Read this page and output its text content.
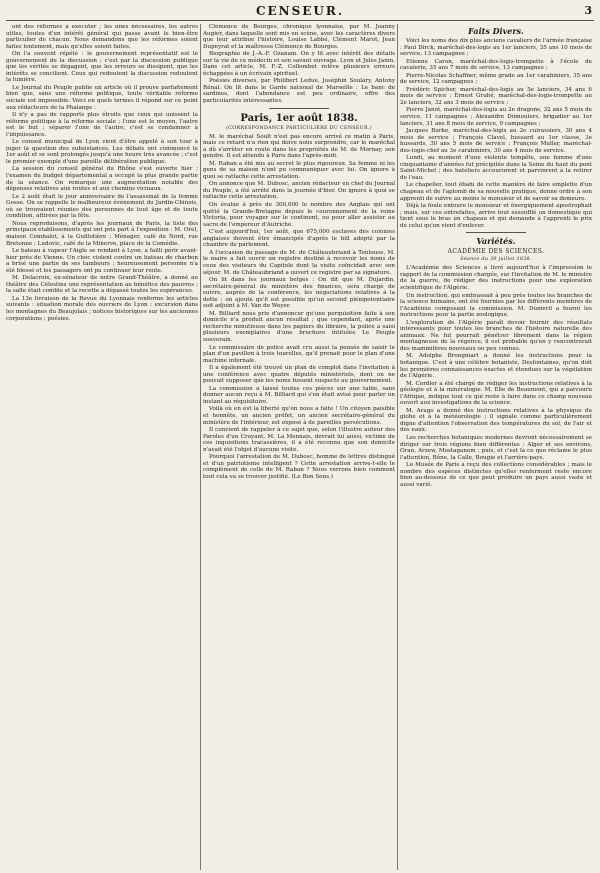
CENSEUR.	3

ont des réformes à exécuter ; les unes nécessaires, les autres utiles, toutes d'un intérêt général qui passe avant le bien-être particulier de chacun. Nous demandons que les réformes soient faites lentement, mais qu'elles soient faites.

On l'a souvent répété : le gouvernement représentatif est le gouvernement de la discussion ; c'est par la discussion publique que les vérités se dégagent, que les erreurs se dissipent, que les intérêts se concilient. Ceux qui redoutent la discussion redoutent la lumière.

Le Journal du Peuple publie un article où il prouve parfaitement bien que, sans une réforme politique, toute véritable réforme sociale est impossible. Voici en quels termes il répond sur ce point aux rédacteurs de la Phalange :

Il n'y a pas de rapports plus étroits que ceux qui unissent la réforme politique à la réforme sociale ; l'une est le moyen, l'autre est le but ; séparer l'une de l'autre, c'est se condamner à l'impuissance.

Le conseil municipal de Lyon vient d'être appelé à son tour à juger la question des subsistances. Les débats ont commencé le 1er août et se sont prolongés jusqu'à une heure très avancée ; c'est le premier exemple d'une pareille délibération publique.

La session du conseil général du Rhône s'est ouverte hier ; l'examen du budget départemental a occupé la plus grande partie de la séance. On remarque une augmentation notable des dépenses relatives aux routes et aux chemins vicinaux.

Le 2 août était le jour anniversaire de l'assassinat de la femme Gosse. On se rappelle le malheureux événement du Jardin-Chinois, où se trouvaient réunies des personnes de tout âge et de toute condition, attirées par la fête.

Nous reproduisons, d'après les journaux de Paris, la liste des principaux établissements qui ont pris part à l'exposition : M. Orel, maison Combalot, à la Guillotière ; Ménager, café du Nord, rue Bretonne ; Ludovic, café de la Minerve, place de la Comédie.

Le bateau à vapeur l'Aigle se rendant à Lyon, a failli périr avant-hier près de Vienne. Un choc violent contre un bateau de charbon a brisé une partie de ses tambours ; heureusement personne n'a été blessé et les passagers ont pu continuer leur route.

M. Delacroix, ex-sénateur de notre Grand-Théâtre, a donné au théâtre des Célestins une représentation au bénéfice des pauvres ; la salle était comble et la recette a dépassé toutes les espérances.

La 13e livraison de la Revue du Lyonnais renferme les articles suivants : situation morale des ouvriers de Lyon ; excursion dans les montagnes du Beaujolais ; notices historiques sur les anciennes corporations ; poésies.

Clémence de Bourges, chronique lyonnaise, par M. Joanny Augier, dans laquelle sont mis en scène, avec les caractères divers que leur attribue l'histoire, Louise Labbé, Clément Marot, Jean Dupeyrat et la maîtresse Clémence de Bourges.

Biographie de J.-A.-F. Ozanam. On y lit avec intérêt des détails sur la vie de ce médecin et son savant ouvrage. Lyon et Jules Janin. Dans cet article, M. F.-Z. Collombet relève plusieurs erreurs échappées à un écrivain spirituel.

Poésies diverses, par Philibert Ledue, Joséphin Soulary, Antony Rénal. On lit dans le Garde national de Marseille : Le banc de sardines, dont l'abondance est peu ordinaire, offre des particularités intéressantes.

Paris, 1er août 1838.
(CORRESPONDANCE PARTICULIÈRE DU CENSEUR.)

M. le maréchal Soult n'est pas encore arrivé ce matin à Paris, mais ce retard n'a rien qui doive nous surprendre, car le maréchal a dû s'arrêter en route dans les propriétés de M. de Mornay, son gendre. Il est attendu à Paris dans l'après-midi.

M. Raban a été mis au secret le plus rigoureux. Sa femme ni les gens de sa maison n'ont pu communiquer avec lui. On ignore à quoi se rattache cette arrestation.

On annonce que M. Dubosc, ancien rédacteur en chef du Journal du Peuple, a été arrêté dans la journée d'hier. On ignore à quoi se rattache cette arrestation.

On évalue à près de 300,000 le nombre des Anglais qui ont quitté la Grande-Bretagne depuis le couronnement de la reine Victoria, pour voyager sur le continent, ou pour aller assister au sacre de l'empereur d'Autriche.

C'est aujourd'hui, 1er août, que 675,000 esclaves des colonies anglaises doivent être émancipés d'après le bill adopté par la chambre du parlement.

A l'occasion du passage de M. de Châteaubriand à Toulouse, M. le maire a fait ouvrir un registre destiné à recevoir les noms de ceux des visiteurs du Capitole dont la visite coïncidait avec son séjour. M. de Châteaubriand a ouvert ce registre par sa signature.

On lit dans les journaux belges : On dit que M. Dujardin, secrétaire-général du ministère des finances, sera chargé de suivre, auprès de la conférence, les négociations relatives à la dette ; on ajoute qu'il est possible qu'un second plénipotentiaire soit adjoint à M. Van de Weyer.

M. Billiard nous prie d'annoncer qu'une perquisition faite à son domicile n'a produit aucun résultat ; que cependant, après une recherche minutieuse dans les papiers du libraire, la police a saisi plusieurs exemplaires d'une brochure intitulée Le Peuple souverain.

Le commissaire de police avait cru aussi la pensée de saisir le plan d'un pavillon à trois tourelles, qu'il prenait pour le plan d'une machine infernale.

Il a également été trouvé un plan de complot dans l'invitation à une conférence avec quatre députés ministériels, dont on ne pouvait supposer que les noms fussent suspects au gouvernement.

La commission a laissé toutes ces pièces sur une table, sans donner aucun reçu à M. Billiard qui s'en était avisé pour parler un instant au réquisitoire.

Voilà où en est la liberté qu'on nous a faite ! Un citoyen paisible et honnête, un ancien préfet, un ancien secrétaire-général du ministère de l'intérieur, est exposé à de pareilles persécutions.

Il convient de rappeler à ce sujet que, selon l'illustre auteur des Paroles d'un Croyant, M. La Mennais, devrait lui aussi, victime de ces inquisitions tracassières, il a été reconnu que son domicile n'avait été l'objet d'aucune visite.

Pourquoi l'arrestation de M. Dubosc, homme de lettres distingué et d'un patriotisme intelligent ? Cette arrestation arrive-t-elle le complément de celle de M. Raban ? Nous verrons bien comment tout cela va se trouver justifié. (Le Bon Sens.)

Faits Divers.

Voici les noms des dix plus anciens cavaliers de l'armée française : Paul Dirck, maréchal-des-logis au 1er lanciers, 35 ans 10 mois de service, 13 campagnes ;

Etienne Caron, maréchal-des-logis-trompette à l'école de cavalerie, 35 ans 7 mois de service, 13 campagnes ;

Pierre-Nicolas Schaffner, même grade au 1er carabiniers, 35 ans de service, 12 campagnes ;

Frédéric Spicher, maréchal-des-logis au 5e lanciers, 34 ans 6 mois de service ; Ernest Gruhé, maréchal-des-logis-trompette au 2e lanciers, 32 ans 3 mois de service ;

Pierre Janot, maréchal-des-logis au 2e dragons, 32 ans 5 mois de service, 11 campagnes ; Alexandre Dumoulers, brigadier au 1er lanciers, 31 ans 8 mois de service, 9 campagnes ;

Jacques Burke, maréchal-des-logis au 2e cuirassiers, 30 ans 4 mois de service ; François Clavel, hussard au 1er classe, 3e hussards, 30 ans 5 mois de service ; François Muller, maréchal-des-logis-chef au 3e carabiniers, 30 ans 4 mois de service.

Lundi, au moment d'une violente tempête, une femme d'une cinquantaine d'années fut précipitée dans la Seine du haut du pont Saint-Michel ; des bateliers accoururent et parvinrent à la retirer de l'eau.

Le chapelier, tout ébahi de cette manière de faire emplette d'un chapeau et de l'aplomb de sa nouvelle pratique, donne ordre à son apprenti de suivre au moins le monsieur et de savoir sa demeure.

Déjà la foule entoure le monsieur et énergiquement apostrophait ; mais, sur ces entrefaites, arrive tout essoufflé un domestique qui tient sous le bras un chapeau et qui demande à l'apprenti le prix de celui qu'on vient d'enlever.

Variétés.
ACADÉMIE DES SCIENCES.
Séance du 30 juillet 1838.

L'Académie des Sciences a livré aujourd'hui à l'impression le rapport de la commission chargée, sur l'invitation de M. le ministre de la guerre, de rédiger des instructions pour une exploration scientifique de l'Algérie.

Un instruction, qui embrassait à peu près toutes les branches de la science humaine, ont été fournies par les différents membres de l'Académie composant la commission. M. Dumeril a fourni les instructions pour la partie zoologique.

L'exploration de l'Algérie paraît devoir fournir des résultats intéressants pour toutes les branches de l'histoire naturelle des animaux. Ne fut pourrait pénétrer librement dans la région montagneuse de la régence, il est probable qu'on y rencontrerait des mammifères nouveaux ou peu connus.

M. Adolphe Brongniart a donné les instructions pour la botanique. C'est à une célèbre botaniste, Desfontaines, qu'on doit les premières connaissances exactes et étendues sur la végétation de l'Algérie.

M. Cordier a été chargé de rédiger les instructions relatives à la géologie et à la minéralogie. M. Élie de Beaumont, qui a parcouru l'Afrique, indique tout ce qui reste à faire dans ce champ nouveau ouvert aux investigations de la science.

M. Arago a donné des instructions relatives à la physique du globe et à la météorologie ; il signale comme particulièrement digne d'attention l'observation des températures du sol, de l'air et des eaux.

Les recherches botaniques modernes devront nécessairement se diriger sur trois régions bien différentes : Alger et ses environs, Oran, Arzew, Mostaganem ; puis, et c'est là ce que réclame le plus l'attention, Bône, la Calle, Bougie et l'arrière-pays.

Le Musée de Paris a reçu des collections considérables ; mais le nombre des espèces distinctes qu'elles renferment reste encore bien au-dessous de ce que peut produire un pays aussi vaste et aussi varié.
